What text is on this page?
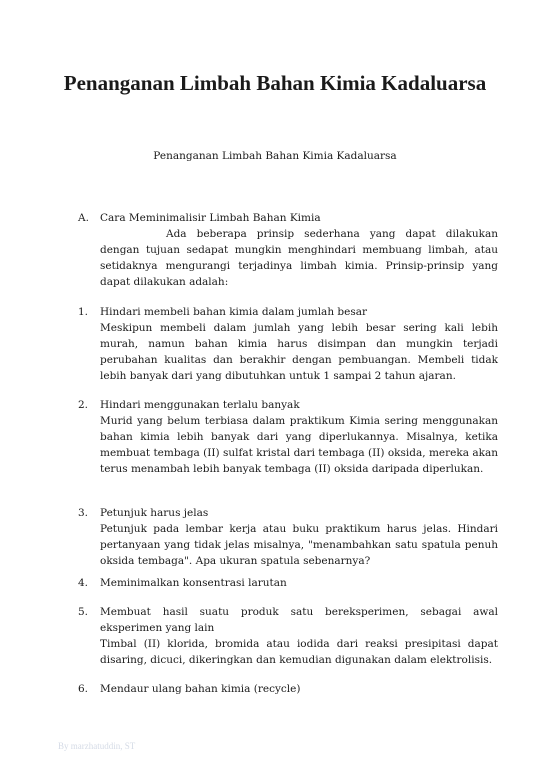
Penanganan Limbah Bahan Kimia Kadaluarsa
Penanganan Limbah Bahan Kimia Kadaluarsa
A. Cara Meminimalisir Limbah Bahan Kimia
Ada beberapa prinsip sederhana yang dapat dilakukan dengan tujuan sedapat mungkin menghindari membuang limbah, atau setidaknya mengurangi terjadinya limbah kimia. Prinsip-prinsip yang dapat dilakukan adalah:
1. Hindari membeli bahan kimia dalam jumlah besar
Meskipun membeli dalam jumlah yang lebih besar sering kali lebih murah, namun bahan kimia harus disimpan dan mungkin terjadi perubahan kualitas dan berakhir dengan pembuangan. Membeli tidak lebih banyak dari yang dibutuhkan untuk 1 sampai 2 tahun ajaran.
2. Hindari menggunakan terlalu banyak
Murid yang belum terbiasa dalam praktikum Kimia sering menggunakan bahan kimia lebih banyak dari yang diperlukannya. Misalnya, ketika membuat tembaga (II) sulfat kristal dari tembaga (II) oksida, mereka akan terus menambah lebih banyak tembaga (II) oksida daripada diperlukan.
3. Petunjuk harus jelas
Petunjuk pada lembar kerja atau buku praktikum harus jelas. Hindari pertanyaan yang tidak jelas misalnya, "menambahkan satu spatula penuh oksida tembaga". Apa ukuran spatula sebenarnya?
4. Meminimalkan konsentrasi larutan
5. Membuat hasil suatu produk satu bereksperimen, sebagai awal eksperimen yang lain
Timbal (II) klorida, bromida atau iodida dari reaksi presipitasi dapat disaring, dicuci, dikeringkan dan kemudian digunakan dalam elektrolisis.
6. Mendaur ulang bahan kimia (recycle)
By marzhatuddin, ST
